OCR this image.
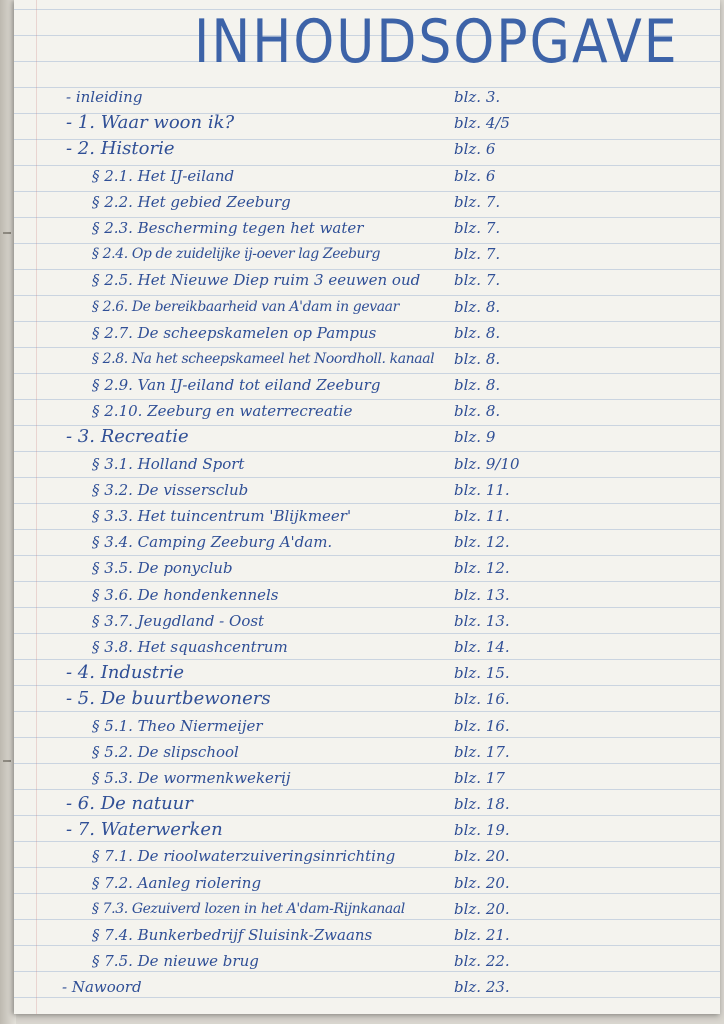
INHOUDSOPGAVE
- inleiding	blz. 3.
- 1. Waar woon ik?	blz. 4/5
- 2. Historie	blz. 6
§ 2.1. Het IJ-eiland	blz. 6
§ 2.2. Het gebied Zeeburg	blz. 7.
§ 2.3. Bescherming tegen het water	blz. 7.
§ 2.4. Op de zuidelijke ij-oever lag Zeeburg	blz. 7.
§ 2.5. Het Nieuwe Diep ruim 3 eeuwen oud blz. 7.
§ 2.6. De bereikbaarheid van A'dam in gevaar	blz. 8.
§ 2.7. De scheepskamelen op Pampus	blz. 8.
§ 2.8. Na het scheepskameel het Noordholl. kanaal blz. 8.
§ 2.9. Van IJ-eiland tot eiland Zeeburg	blz. 8.
§ 2.10. Zeeburg en waterrecreatie	blz. 8.
- 3. Recreatie	blz. 9
§ 3.1. Holland Sport	blz. 9/10
§ 3.2. De vissersclub	blz. 11.
§ 3.3. Het tuincentrum 'Blijkmeer'	blz. 11.
§ 3.4. Camping Zeeburg A'dam.	blz. 12.
§ 3.5. De ponyclub	blz. 12.
§ 3.6. De hondenkennels	blz. 13.
§ 3.7. Jeugdland - Oost	blz. 13.
§ 3.8. Het squashcentrum	blz. 14.
- 4. Industrie	blz. 15.
- 5. De buurtbewoners	blz. 16.
§ 5.1. Theo Niermeijer	blz. 16.
§ 5.2. De slipschool	blz. 17.
§ 5.3. De wormenkwekerij	blz. 17
- 6. De natuur	blz. 18.
- 7. Waterwerken	blz. 19.
§ 7.1. De rioolwaterzuiveringsinrichting	blz. 20.
§ 7.2. Aanleg riolering	blz. 20.
§ 7.3. Gezuiverd lozen in het A'dam-Rijnkanaal	blz. 20.
§ 7.4. Bunkerbedrijf Sluisink-Zwaans	blz. 21.
§ 7.5. De nieuwe brug	blz. 22.
- Nawoord	blz. 23.
